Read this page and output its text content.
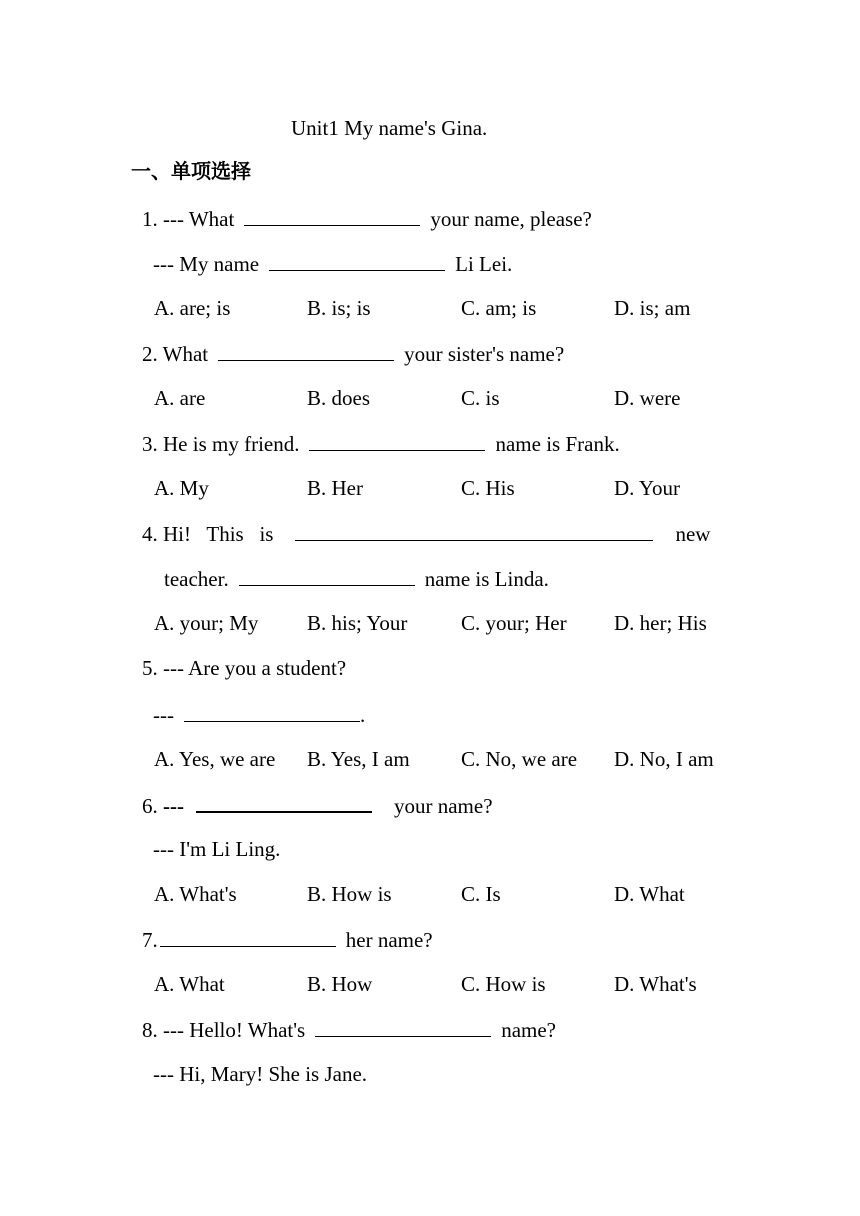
Unit1 My name's Gina.
一、单项选择
1. --- What	your name, please?
--- My name	Li Lei.
A. are; is	B. is; is	C. am; is	D. is; am
2. What	your sister's name?
A. are	B. does	C. is	D. were
3. He is my friend.	name is Frank.
A. My	B. Her	C. His	D. Your
4. Hi!   This   is	new
teacher.	name is Linda.
A. your; My B. his; Your	C. your; Her D. her; His
5. --- Are you a student?
---	.
A. Yes, we are B. Yes, I am C. No, we are D. No, I am
6. ---	your name?
--- I'm Li Ling.
A. What's	B. How is	C. Is	D. What
7.	her name?
A. What	B. How	C. How is	D. What's
8. --- Hello! What's	name?
--- Hi, Mary! She is Jane.
